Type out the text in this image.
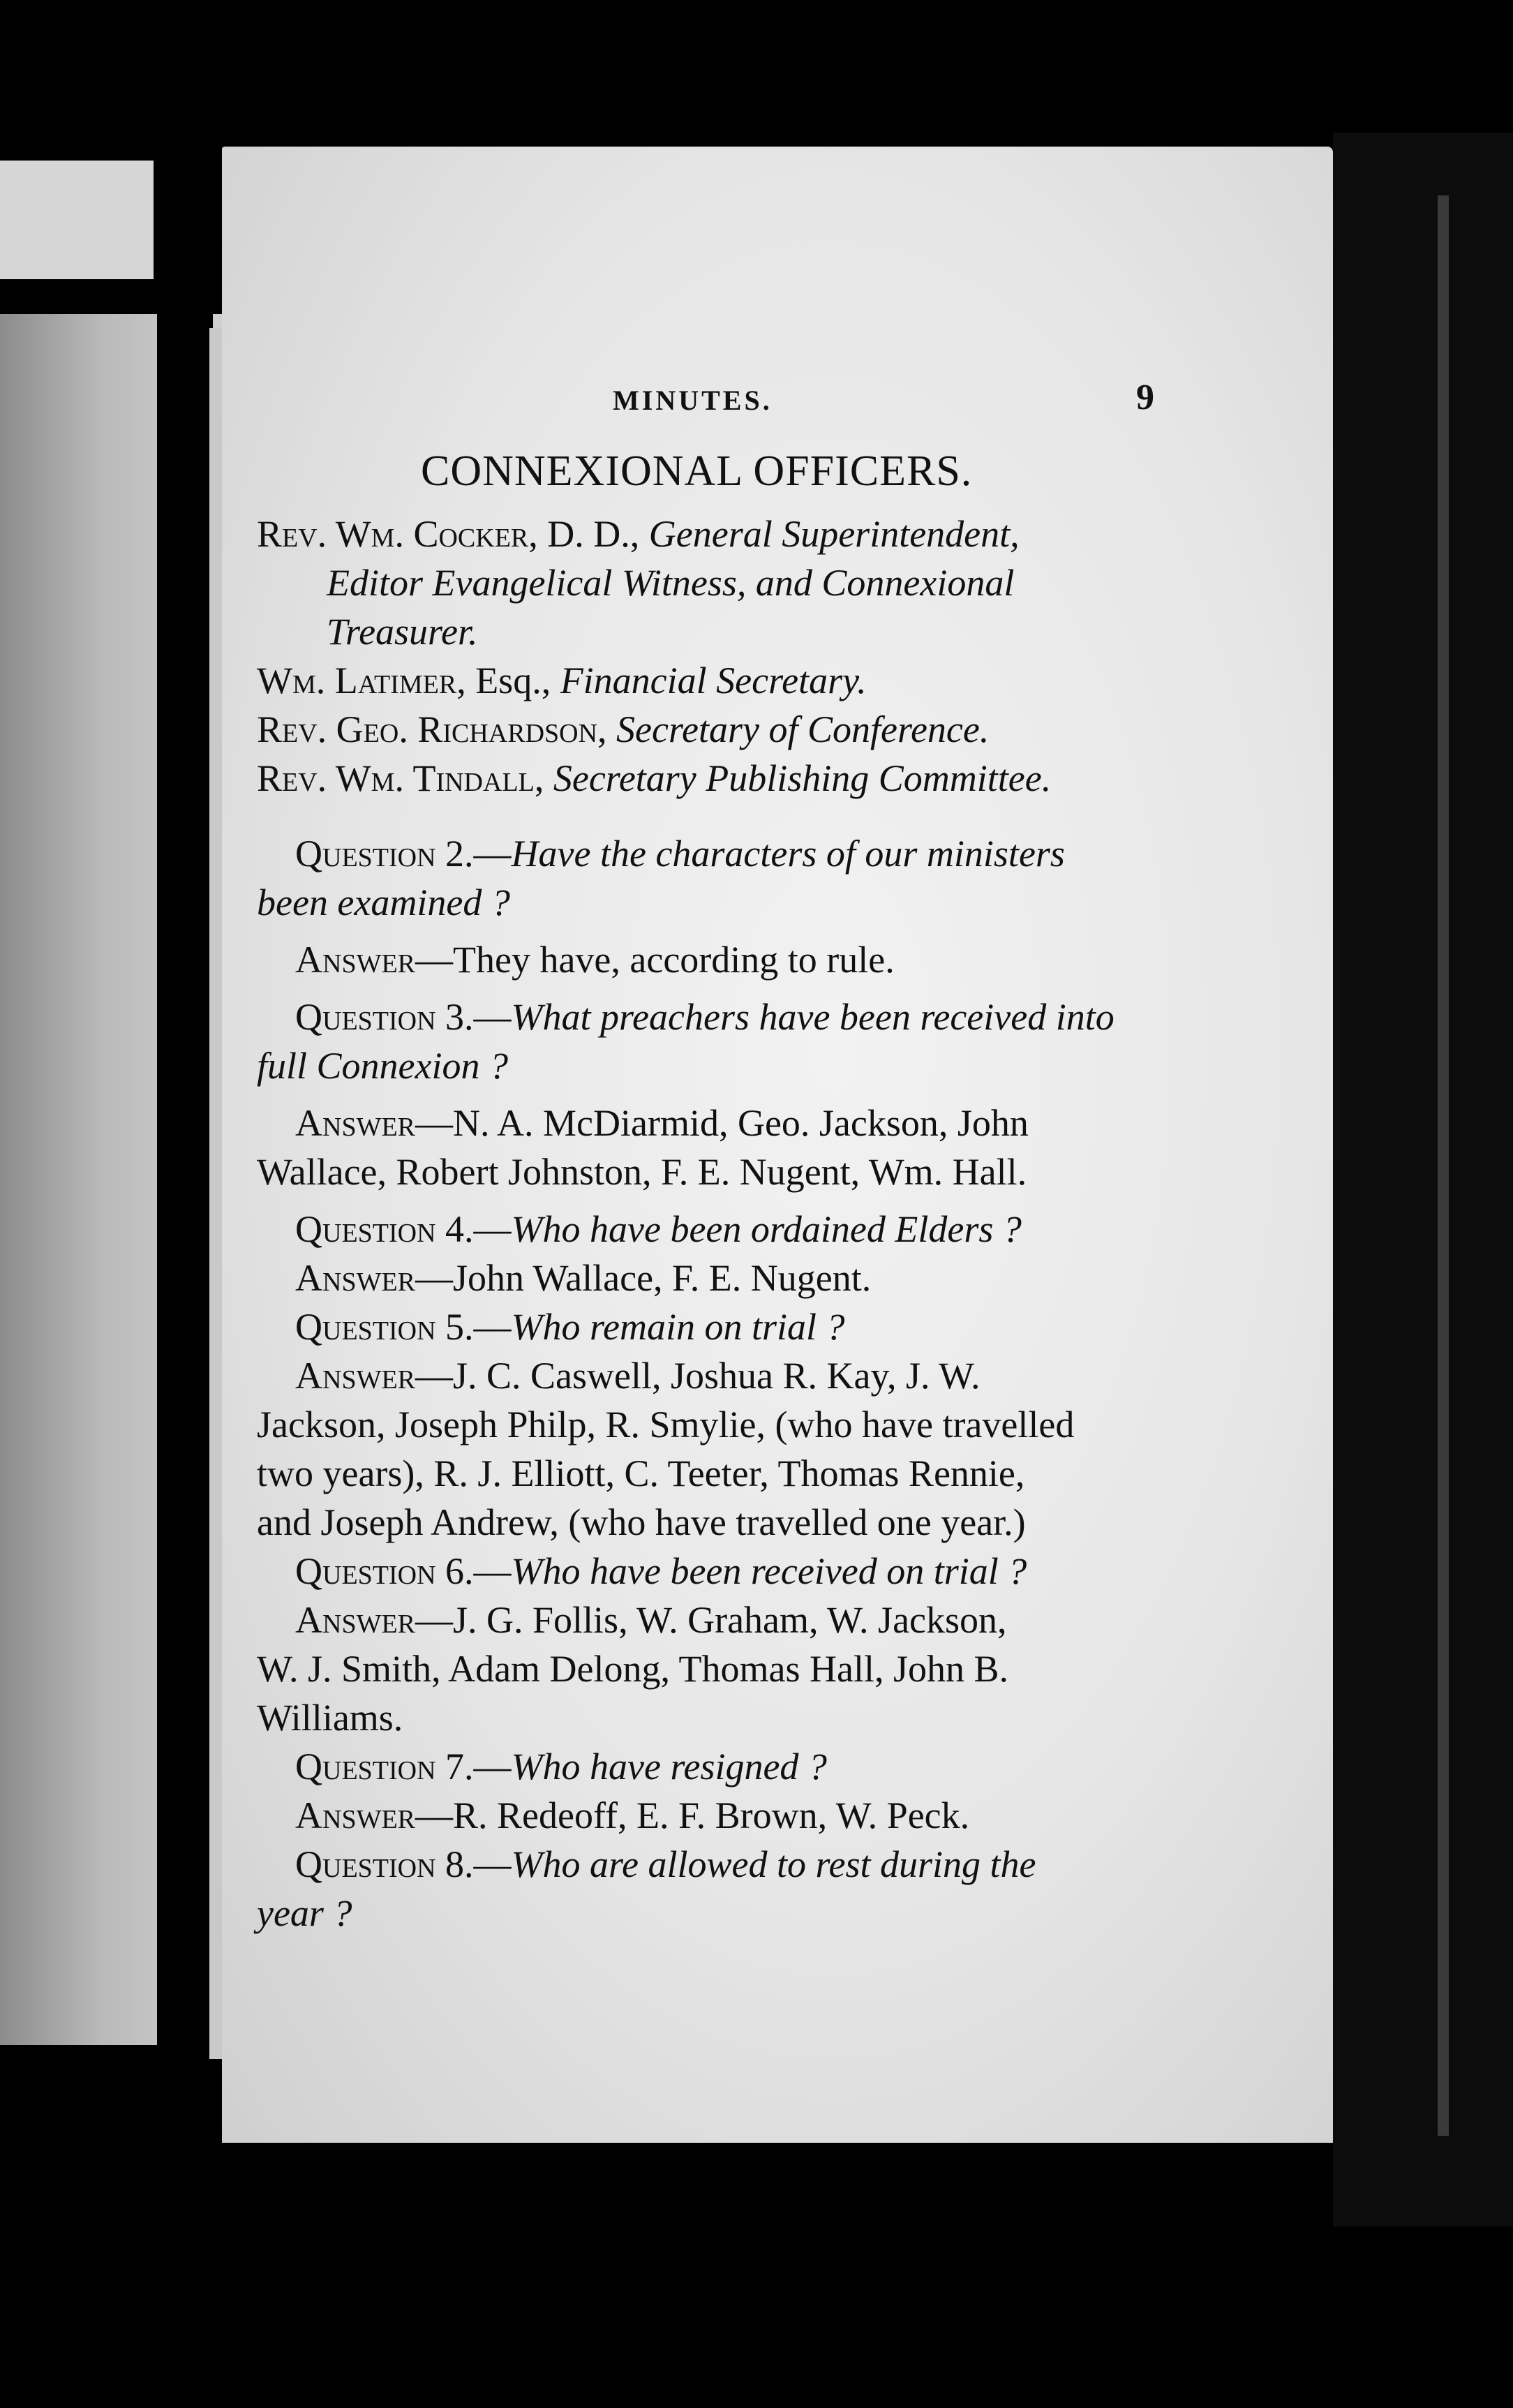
MINUTES.	9
CONNEXIONAL OFFICERS.
Rev. Wm. Cocker, D. D., General Superintendent,
Editor Evangelical Witness, and Connexional
Treasurer.
Wm. Latimer, Esq., Financial Secretary.
Rev. Geo. Richardson, Secretary of Conference.
Rev. Wm. Tindall, Secretary Publishing Committee.
Question 2.—Have the characters of our ministers
been examined ?
Answer—They have, according to rule.
Question 3.—What preachers have been received into
full Connexion ?
Answer—N. A. McDiarmid, Geo. Jackson, John
Wallace, Robert Johnston, F. E. Nugent, Wm. Hall.
Question 4.—Who have been ordained Elders ?
Answer—John Wallace, F. E. Nugent.
Question 5.—Who remain on trial ?
Answer—J. C. Caswell, Joshua R. Kay, J. W.
Jackson, Joseph Philp, R. Smylie, (who have travelled
two years), R. J. Elliott, C. Teeter, Thomas Rennie,
and Joseph Andrew, (who have travelled one year.)
Question 6.—Who have been received on trial ?
Answer—J. G. Follis, W. Graham, W. Jackson,
W. J. Smith, Adam Delong, Thomas Hall, John B.
Williams.
Question 7.—Who have resigned ?
Answer—R. Redeoff, E. F. Brown, W. Peck.
Question 8.—Who are allowed to rest during the
year ?
